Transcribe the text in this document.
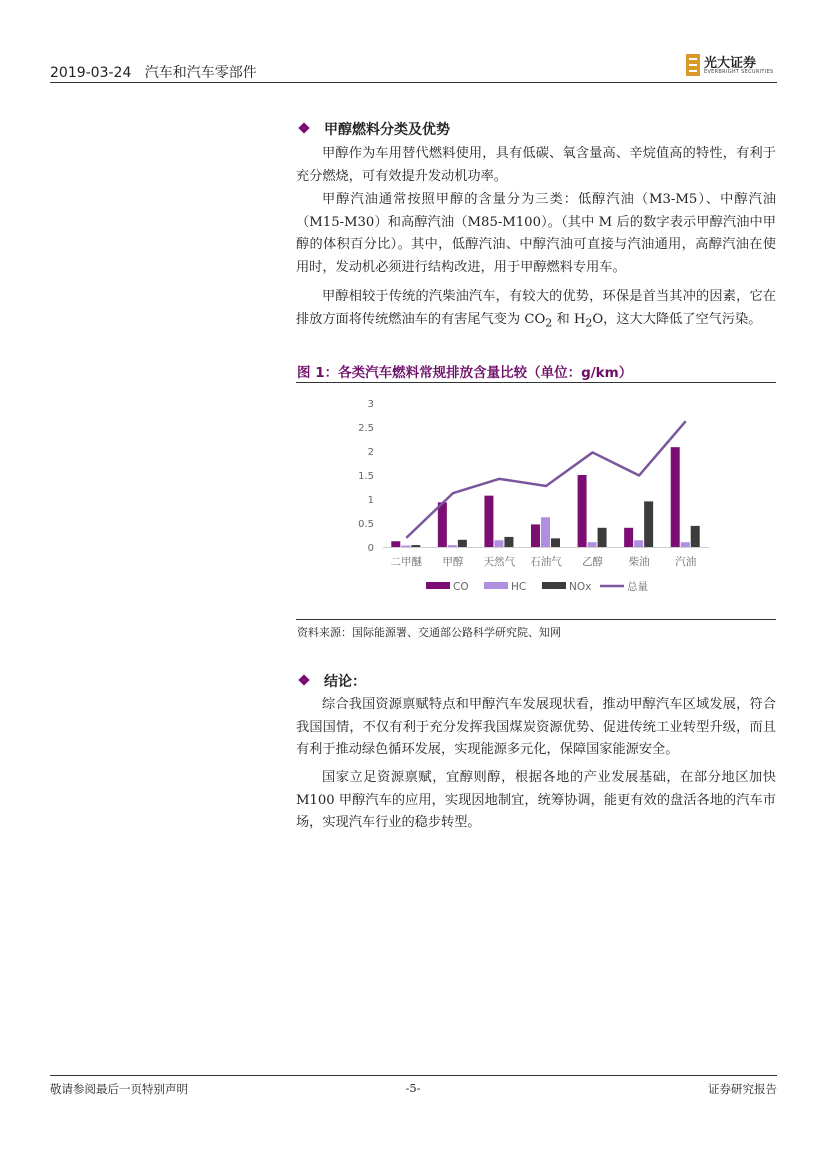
2019-03-24 汽车和汽车零部件
光大证券
EVERBRIGHT SECURITIES
甲醇燃料分类及优势
甲醇作为车用替代燃料使用，具有低碳、氧含量高、辛烷值高的特性，有利于充分燃烧，可有效提升发动机功率。
甲醇汽油通常按照甲醇的含量分为三类：低醇汽油（M3-M5）、中醇汽油（M15-M30）和高醇汽油（M85-M100）。（其中 M 后的数字表示甲醇汽油中甲醇的体积百分比）。其中，低醇汽油、中醇汽油可直接与汽油通用，高醇汽油在使用时，发动机必须进行结构改进，用于甲醇燃料专用车。
甲醇相较于传统的汽柴油汽车，有较大的优势，环保是首当其冲的因素，它在排放方面将传统燃油车的有害尾气变为 $CO_2$ 和 $H_2O$，这大大降低了空气污染。
图 1：各类汽车燃料常规排放含量比较（单位：g/km）
0
0.5
1
1.5
2
2.5
3
二甲醚 甲醇 天然气 石油气 乙醇 柴油 汽油
CO	HC	NOx	总量
资料来源：国际能源署、交通部公路科学研究院、知网
结论：
综合我国资源禀赋特点和甲醇汽车发展现状看，推动甲醇汽车区域发展，符合我国国情，不仅有利于充分发挥我国煤炭资源优势、促进传统工业转型升级，而且有利于推动绿色循环发展，实现能源多元化，保障国家能源安全。
国家立足资源禀赋，宜醇则醇，根据各地的产业发展基础，在部分地区加快 M100 甲醇汽车的应用，实现因地制宜，统筹协调，能更有效的盘活各地的汽车市场，实现汽车行业的稳步转型。
敬请参阅最后一页特别声明	-5-	证券研究报告
